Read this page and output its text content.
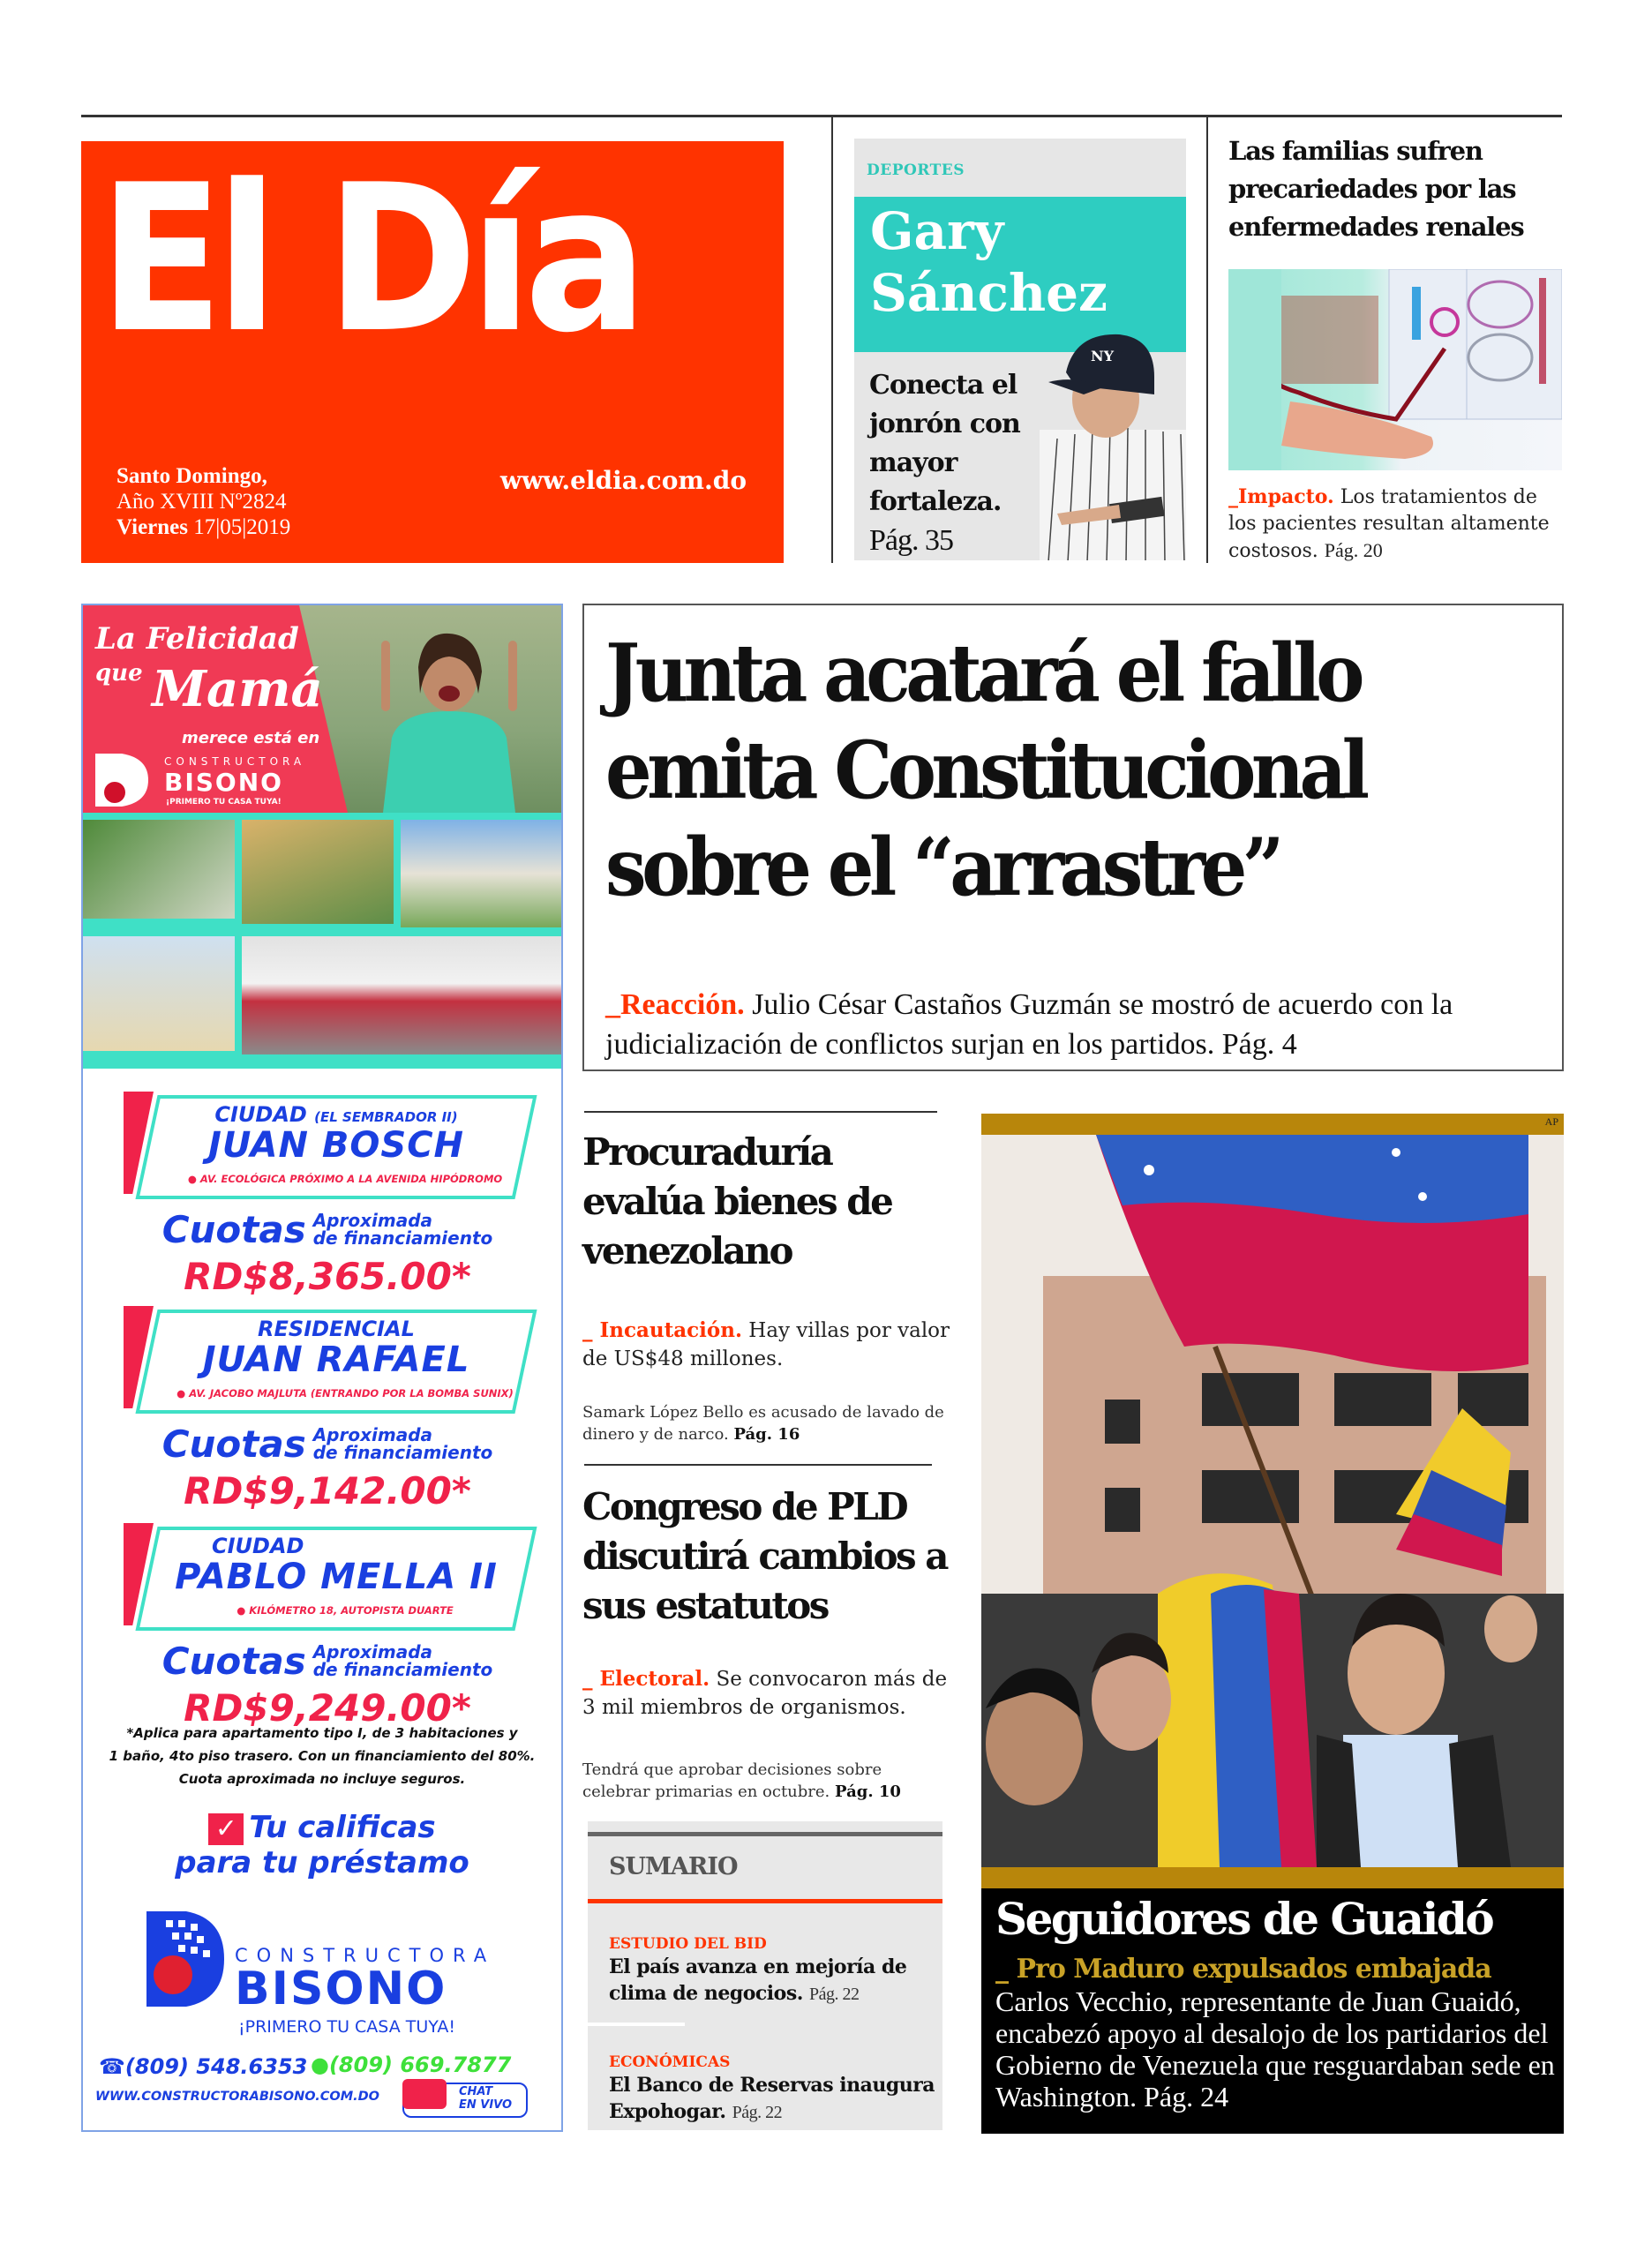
El Día
Santo Domingo,
Año XVIII Nº2824
Viernes 17|05|2019
www.eldia.com.do
DEPORTES
Gary
Sánchez
NY
Conecta el jonrón con mayor fortaleza.
Pág. 35
Las familias sufren precariedades por las enfermedades renales
_Impacto. Los tratamientos de los pacientes resultan altamente costosos. Pág. 20
La Felicidad
que Mamá
merece está en
CONSTRUCTORA
BISONO
¡PRIMERO TU CASA TUYA!
CIUDAD (EL SEMBRADOR II)
JUAN BOSCH
● AV. ECOLÓGICA PRÓXIMO A LA AVENIDA HIPÓDROMO
Cuotas Aproximada
de financiamiento
RD$8,365.00*
RESIDENCIAL
JUAN RAFAEL
● AV. JACOBO MAJLUTA (ENTRANDO POR LA BOMBA SUNIX)
Cuotas Aproximada
de financiamiento
RD$9,142.00*
CIUDAD
PABLO MELLA II
● KILÓMETRO 18, AUTOPISTA DUARTE
Cuotas Aproximada
de financiamiento
RD$9,249.00*
*Aplica para apartamento tipo I, de 3 habitaciones y
1 baño, 4to piso trasero. Con un financiamiento del 80%.
Cuota aproximada no incluye seguros.
✓ Tu calificas
para tu préstamo
CONSTRUCTORA
BISONO
¡PRIMERO TU CASA TUYA!
☎(809) 548.6353 ●(809) 669.7877
WWW.CONSTRUCTORABISONO.COM.DO	CHAT
EN VIVO
Junta acatará el fallo emita Constitucional sobre el “arrastre”
_Reacción. Julio César Castaños Guzmán se mostró de acuerdo con la judicialización de conflictos surjan en los partidos. Pág. 4
Procuraduría evalúa bienes de venezolano
_ Incautación. Hay villas por valor de US$48 millones.
Samark López Bello es acusado de lavado de dinero y de narco. Pág. 16
Congreso de PLD discutirá cambios a sus estatutos
_ Electoral. Se convocaron más de 3 mil miembros de organismos.
Tendrá que aprobar decisiones sobre celebrar primarias en octubre. Pág. 10
SUMARIO
ESTUDIO DEL BID
El país avanza en mejoría de clima de negocios. Pág. 22
ECONÓMICAS
El Banco de Reservas inaugura Expohogar. Pág. 22
AP
Seguidores de Guaidó
_ Pro Maduro expulsados embajada
Carlos Vecchio, representante de Juan Guaidó, encabezó apoyo al desalojo de los partidarios del Gobierno de Venezuela que resguardaban sede en Washington. Pág. 24
